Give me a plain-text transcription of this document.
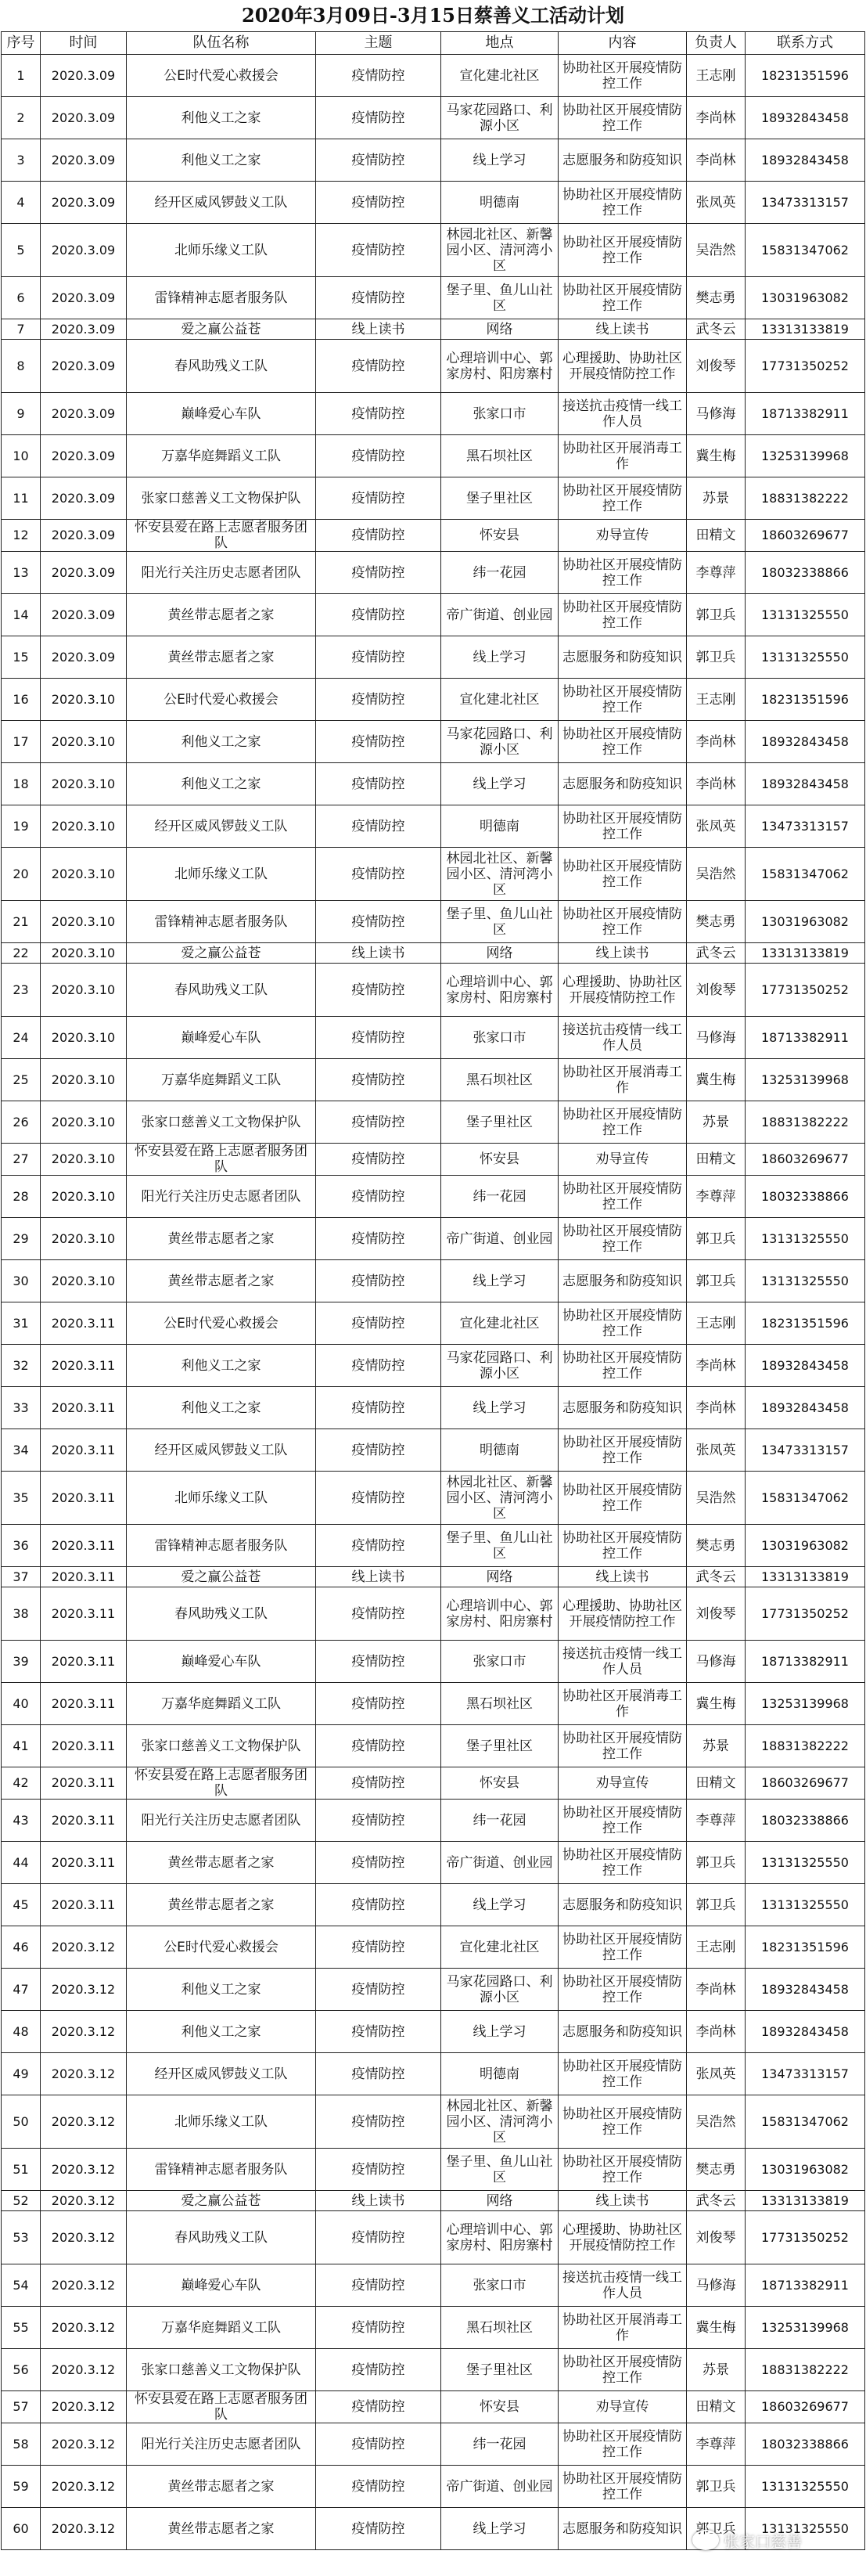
2020年3月09日-3月15日蔡善义工活动计划
序号	时间	队伍名称	主题	地点	内容	负责人	联系方式
1	2020.3.09	公E时代爱心救援会	疫情防控	宣化建北社区	协助社区开展疫情防控工作	王志刚	18231351596
2	2020.3.09	利他义工之家	疫情防控	马家花园路口、利源小区	协助社区开展疫情防控工作	李尚林	18932843458
3	2020.3.09	利他义工之家	疫情防控	线上学习	志愿服务和防疫知识	李尚林	18932843458
4	2020.3.09	经开区威风锣鼓义工队	疫情防控	明德南	协助社区开展疫情防控工作	张凤英	13473313157
5	2020.3.09	北师乐缘义工队	疫情防控	林园北社区、新馨园小区、清河湾小区	协助社区开展疫情防控工作	吴浩然	15831347062
6	2020.3.09	雷锋精神志愿者服务队	疫情防控	堡子里、鱼儿山社区	协助社区开展疫情防控工作	樊志勇	13031963082
7	2020.3.09	爱之赢公益苍	线上读书	网络	线上读书	武冬云	13313133819
8	2020.3.09	春风助残义工队	疫情防控	心理培训中心、郭家房村、阳房寨村	心理援助、协助社区开展疫情防控工作	刘俊琴	17731350252
9	2020.3.09	巅峰爱心车队	疫情防控	张家口市	接送抗击疫情一线工作人员	马修海	18713382911
10	2020.3.09	万嘉华庭舞蹈义工队	疫情防控	黑石坝社区	协助社区开展消毒工作	冀生梅	13253139968
11	2020.3.09	张家口慈善义工文物保护队	疫情防控	堡子里社区	协助社区开展疫情防控工作	苏景	18831382222
12	2020.3.09	怀安县爱在路上志愿者服务团队	疫情防控	怀安县	劝导宣传	田精文	18603269677
13	2020.3.09	阳光行关注历史志愿者团队	疫情防控	纬一花园	协助社区开展疫情防控工作	李尊萍	18032338866
14	2020.3.09	黄丝带志愿者之家	疫情防控	帝广街道、创业园	协助社区开展疫情防控工作	郭卫兵	13131325550
15	2020.3.09	黄丝带志愿者之家	疫情防控	线上学习	志愿服务和防疫知识	郭卫兵	13131325550
16	2020.3.10	公E时代爱心救援会	疫情防控	宣化建北社区	协助社区开展疫情防控工作	王志刚	18231351596
17	2020.3.10	利他义工之家	疫情防控	马家花园路口、利源小区	协助社区开展疫情防控工作	李尚林	18932843458
18	2020.3.10	利他义工之家	疫情防控	线上学习	志愿服务和防疫知识	李尚林	18932843458
19	2020.3.10	经开区威风锣鼓义工队	疫情防控	明德南	协助社区开展疫情防控工作	张凤英	13473313157
20	2020.3.10	北师乐缘义工队	疫情防控	林园北社区、新馨园小区、清河湾小区	协助社区开展疫情防控工作	吴浩然	15831347062
21	2020.3.10	雷锋精神志愿者服务队	疫情防控	堡子里、鱼儿山社区	协助社区开展疫情防控工作	樊志勇	13031963082
22	2020.3.10	爱之赢公益苍	线上读书	网络	线上读书	武冬云	13313133819
23	2020.3.10	春风助残义工队	疫情防控	心理培训中心、郭家房村、阳房寨村	心理援助、协助社区开展疫情防控工作	刘俊琴	17731350252
24	2020.3.10	巅峰爱心车队	疫情防控	张家口市	接送抗击疫情一线工作人员	马修海	18713382911
25	2020.3.10	万嘉华庭舞蹈义工队	疫情防控	黑石坝社区	协助社区开展消毒工作	冀生梅	13253139968
26	2020.3.10	张家口慈善义工文物保护队	疫情防控	堡子里社区	协助社区开展疫情防控工作	苏景	18831382222
27	2020.3.10	怀安县爱在路上志愿者服务团队	疫情防控	怀安县	劝导宣传	田精文	18603269677
28	2020.3.10	阳光行关注历史志愿者团队	疫情防控	纬一花园	协助社区开展疫情防控工作	李尊萍	18032338866
29	2020.3.10	黄丝带志愿者之家	疫情防控	帝广街道、创业园	协助社区开展疫情防控工作	郭卫兵	13131325550
30	2020.3.10	黄丝带志愿者之家	疫情防控	线上学习	志愿服务和防疫知识	郭卫兵	13131325550
31	2020.3.11	公E时代爱心救援会	疫情防控	宣化建北社区	协助社区开展疫情防控工作	王志刚	18231351596
32	2020.3.11	利他义工之家	疫情防控	马家花园路口、利源小区	协助社区开展疫情防控工作	李尚林	18932843458
33	2020.3.11	利他义工之家	疫情防控	线上学习	志愿服务和防疫知识	李尚林	18932843458
34	2020.3.11	经开区威风锣鼓义工队	疫情防控	明德南	协助社区开展疫情防控工作	张凤英	13473313157
35	2020.3.11	北师乐缘义工队	疫情防控	林园北社区、新馨园小区、清河湾小区	协助社区开展疫情防控工作	吴浩然	15831347062
36	2020.3.11	雷锋精神志愿者服务队	疫情防控	堡子里、鱼儿山社区	协助社区开展疫情防控工作	樊志勇	13031963082
37	2020.3.11	爱之赢公益苍	线上读书	网络	线上读书	武冬云	13313133819
38	2020.3.11	春风助残义工队	疫情防控	心理培训中心、郭家房村、阳房寨村	心理援助、协助社区开展疫情防控工作	刘俊琴	17731350252
39	2020.3.11	巅峰爱心车队	疫情防控	张家口市	接送抗击疫情一线工作人员	马修海	18713382911
40	2020.3.11	万嘉华庭舞蹈义工队	疫情防控	黑石坝社区	协助社区开展消毒工作	冀生梅	13253139968
41	2020.3.11	张家口慈善义工文物保护队	疫情防控	堡子里社区	协助社区开展疫情防控工作	苏景	18831382222
42	2020.3.11	怀安县爱在路上志愿者服务团队	疫情防控	怀安县	劝导宣传	田精文	18603269677
43	2020.3.11	阳光行关注历史志愿者团队	疫情防控	纬一花园	协助社区开展疫情防控工作	李尊萍	18032338866
44	2020.3.11	黄丝带志愿者之家	疫情防控	帝广街道、创业园	协助社区开展疫情防控工作	郭卫兵	13131325550
45	2020.3.11	黄丝带志愿者之家	疫情防控	线上学习	志愿服务和防疫知识	郭卫兵	13131325550
46	2020.3.12	公E时代爱心救援会	疫情防控	宣化建北社区	协助社区开展疫情防控工作	王志刚	18231351596
47	2020.3.12	利他义工之家	疫情防控	马家花园路口、利源小区	协助社区开展疫情防控工作	李尚林	18932843458
48	2020.3.12	利他义工之家	疫情防控	线上学习	志愿服务和防疫知识	李尚林	18932843458
49	2020.3.12	经开区威风锣鼓义工队	疫情防控	明德南	协助社区开展疫情防控工作	张凤英	13473313157
50	2020.3.12	北师乐缘义工队	疫情防控	林园北社区、新馨园小区、清河湾小区	协助社区开展疫情防控工作	吴浩然	15831347062
51	2020.3.12	雷锋精神志愿者服务队	疫情防控	堡子里、鱼儿山社区	协助社区开展疫情防控工作	樊志勇	13031963082
52	2020.3.12	爱之赢公益苍	线上读书	网络	线上读书	武冬云	13313133819
53	2020.3.12	春风助残义工队	疫情防控	心理培训中心、郭家房村、阳房寨村	心理援助、协助社区开展疫情防控工作	刘俊琴	17731350252
54	2020.3.12	巅峰爱心车队	疫情防控	张家口市	接送抗击疫情一线工作人员	马修海	18713382911
55	2020.3.12	万嘉华庭舞蹈义工队	疫情防控	黑石坝社区	协助社区开展消毒工作	冀生梅	13253139968
56	2020.3.12	张家口慈善义工文物保护队	疫情防控	堡子里社区	协助社区开展疫情防控工作	苏景	18831382222
57	2020.3.12	怀安县爱在路上志愿者服务团队	疫情防控	怀安县	劝导宣传	田精文	18603269677
58	2020.3.12	阳光行关注历史志愿者团队	疫情防控	纬一花园	协助社区开展疫情防控工作	李尊萍	18032338866
59	2020.3.12	黄丝带志愿者之家	疫情防控	帝广街道、创业园	协助社区开展疫情防控工作	郭卫兵	13131325550
60	2020.3.12	黄丝带志愿者之家	疫情防控	线上学习	志愿服务和防疫知识	郭卫兵	13131325550
张家口慈善
